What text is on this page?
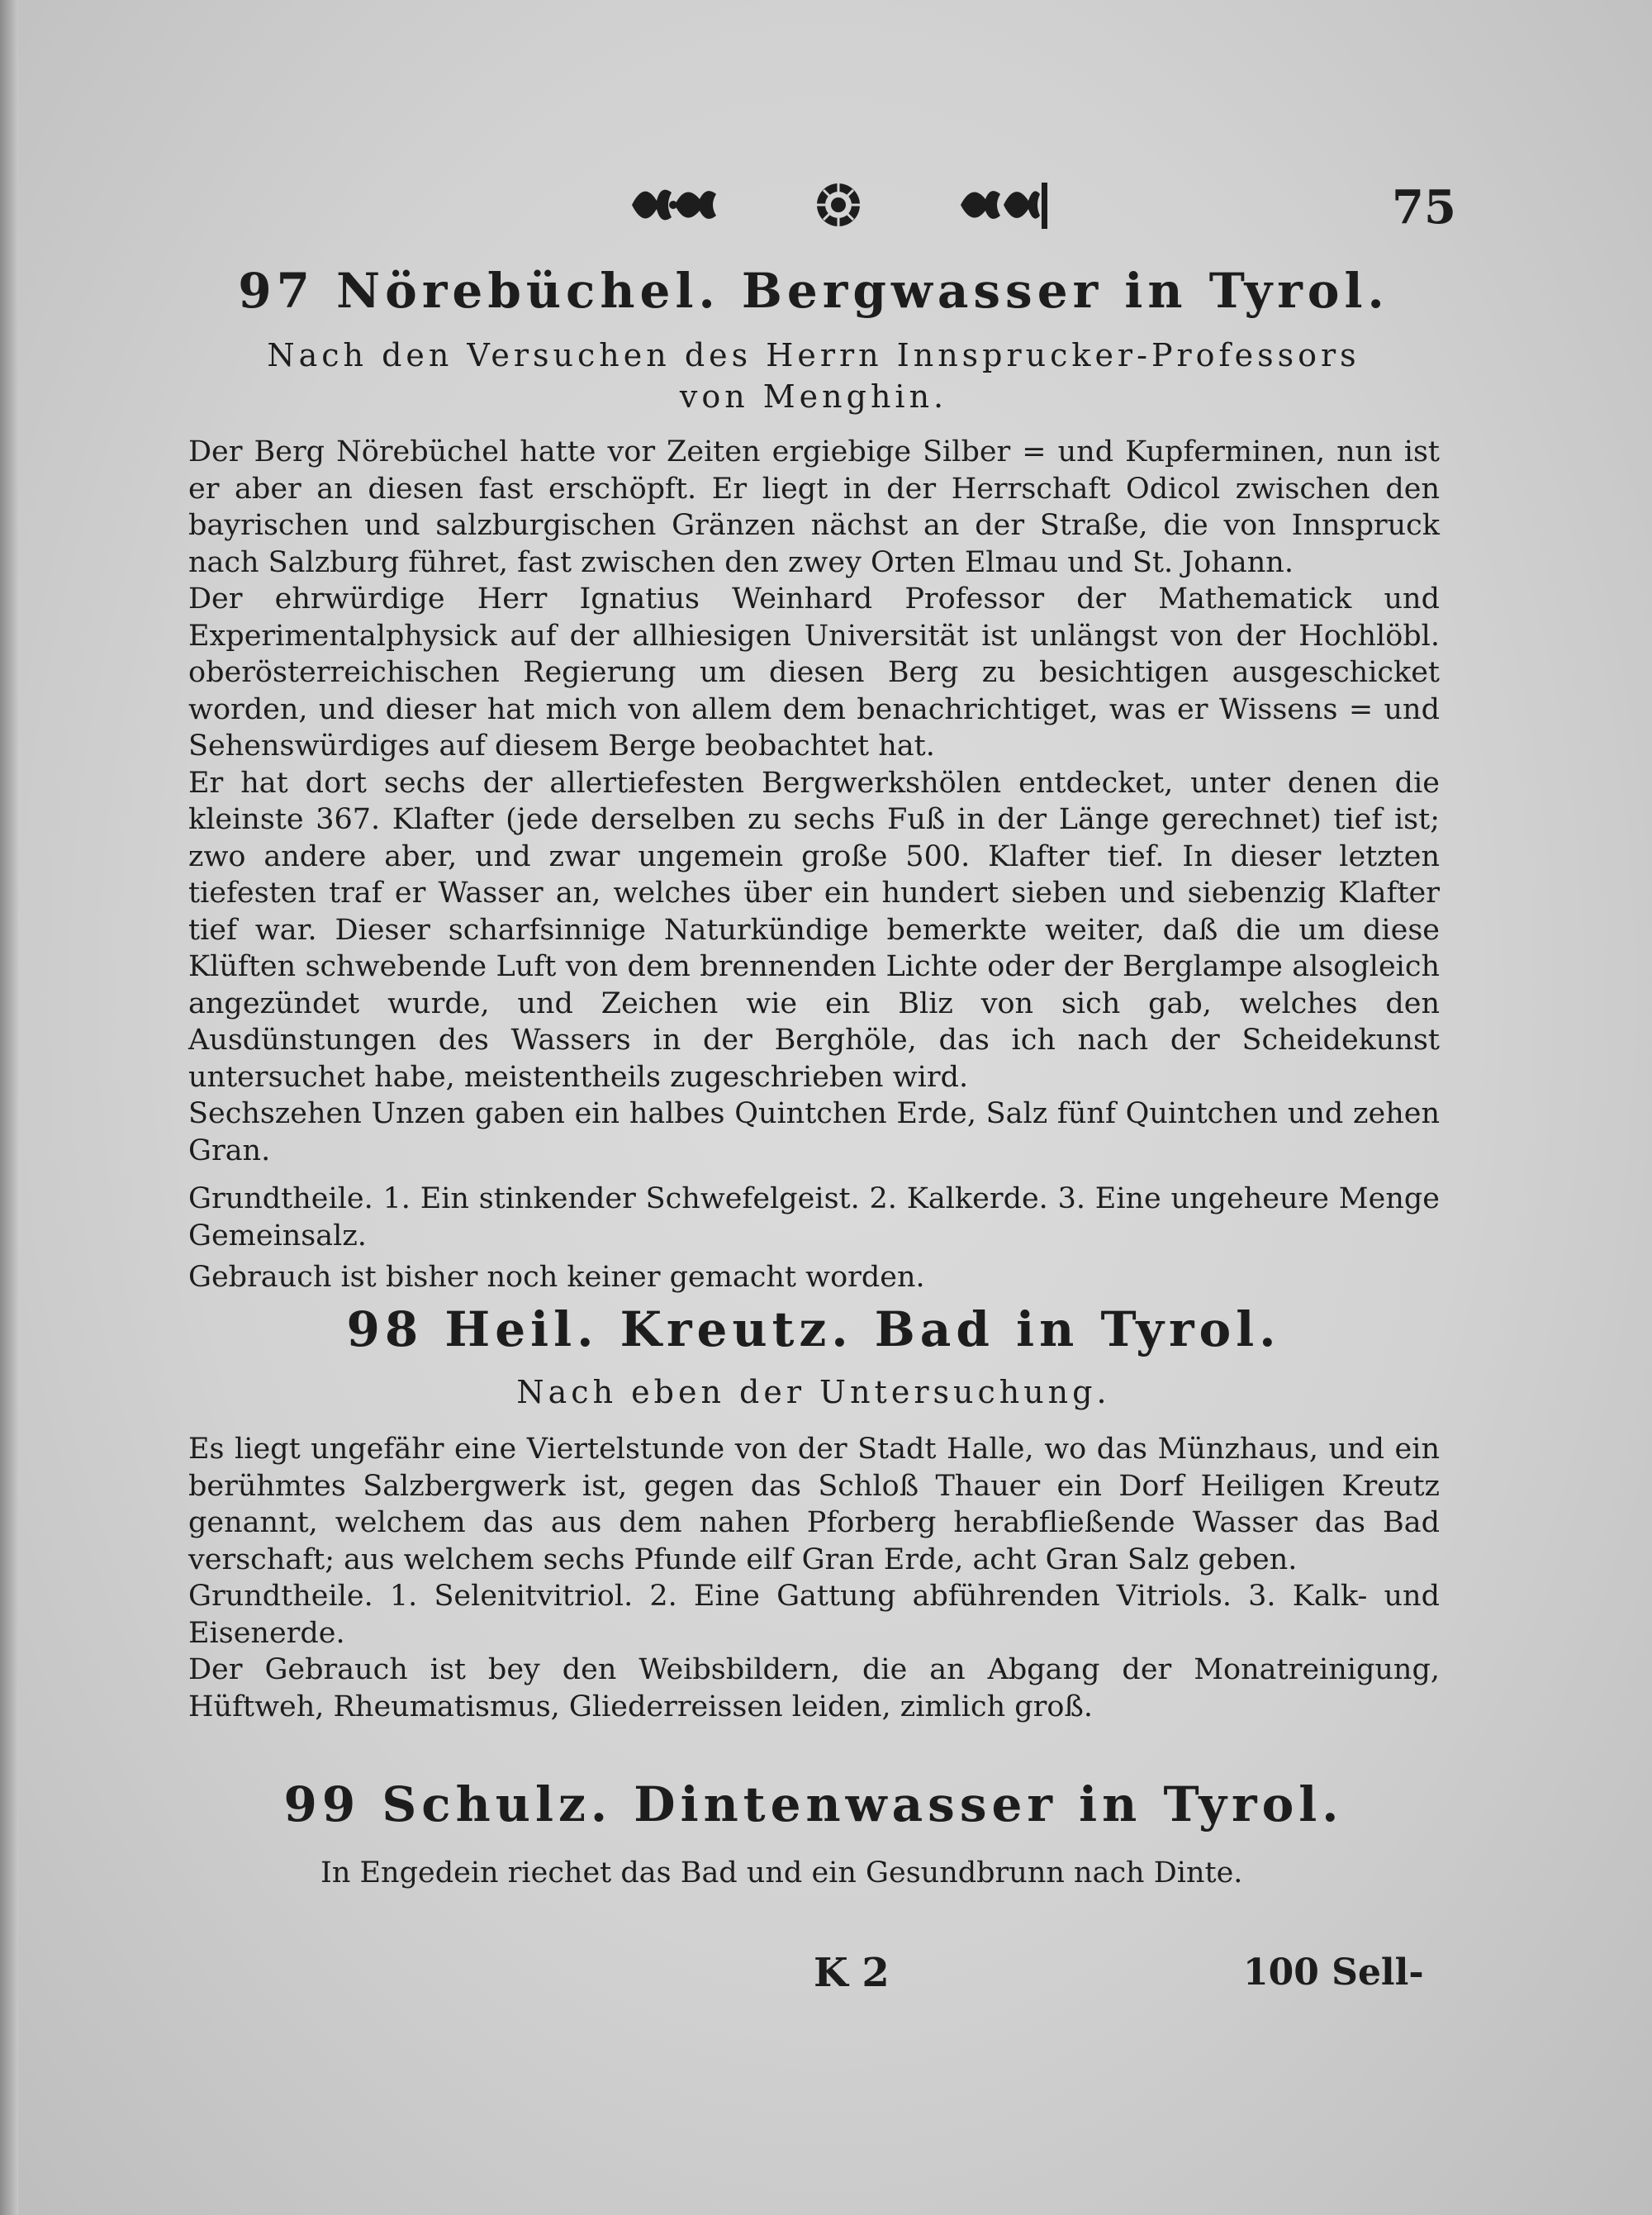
75
97 Nörebüchel. Bergwasser in Tyrol.
Nach den Versuchen des Herrn Innsprucker-Professors
von Menghin.

Der Berg Nörebüchel hatte vor Zeiten ergiebige Silber = und Kupferminen, nun ist er aber an diesen fast erschöpft. Er liegt in der Herrschaft Odicol zwischen den bayrischen und salzburgischen Gränzen nächst an der Straße, die von Innspruck nach Salzburg führet, fast zwischen den zwey Orten Elmau und St. Johann.

Der ehrwürdige Herr Ignatius Weinhard Professor der Mathematick und Experimentalphysick auf der allhiesigen Universität ist unlängst von der Hochlöbl. oberösterreichischen Regierung um diesen Berg zu besichtigen ausgeschicket worden, und dieser hat mich von allem dem benachrichtiget, was er Wissens = und Sehenswürdiges auf diesem Berge beobachtet hat.

Er hat dort sechs der allertiefesten Bergwerkshölen entdecket, unter denen die kleinste 367. Klafter (jede derselben zu sechs Fuß in der Länge gerechnet) tief ist; zwo andere aber, und zwar ungemein große 500. Klafter tief. In dieser letzten tiefesten traf er Wasser an, welches über ein hundert sieben und siebenzig Klafter tief war. Dieser scharfsinnige Naturkündige bemerkte weiter, daß die um diese Klüften schwebende Luft von dem brennenden Lichte oder der Berglampe alsogleich angezündet wurde, und Zeichen wie ein Bliz von sich gab, welches den Ausdünstungen des Wassers in der Berghöle, das ich nach der Scheidekunst untersuchet habe, meistentheils zugeschrieben wird.

Sechszehen Unzen gaben ein halbes Quintchen Erde, Salz fünf Quintchen und zehen Gran.

Grundtheile. 1. Ein stinkender Schwefelgeist. 2. Kalkerde. 3. Eine ungeheure Menge Gemeinsalz.

Gebrauch ist bisher noch keiner gemacht worden.

98 Heil. Kreutz. Bad in Tyrol.
Nach eben der Untersuchung.

Es liegt ungefähr eine Viertelstunde von der Stadt Halle, wo das Münzhaus, und ein berühmtes Salzbergwerk ist, gegen das Schloß Thauer ein Dorf Heiligen Kreutz genannt, welchem das aus dem nahen Pforberg herabfließende Wasser das Bad verschaft; aus welchem sechs Pfunde eilf Gran Erde, acht Gran Salz geben.

Grundtheile. 1. Selenitvitriol. 2. Eine Gattung abführenden Vitriols. 3. Kalk- und Eisenerde.

Der Gebrauch ist bey den Weibsbildern, die an Abgang der Monatreinigung, Hüftweh, Rheumatismus, Gliederreissen leiden, zimlich groß.

99 Schulz. Dintenwasser in Tyrol.

In Engedein riechet das Bad und ein Gesundbrunn nach Dinte.

K 2	100 Sell-
